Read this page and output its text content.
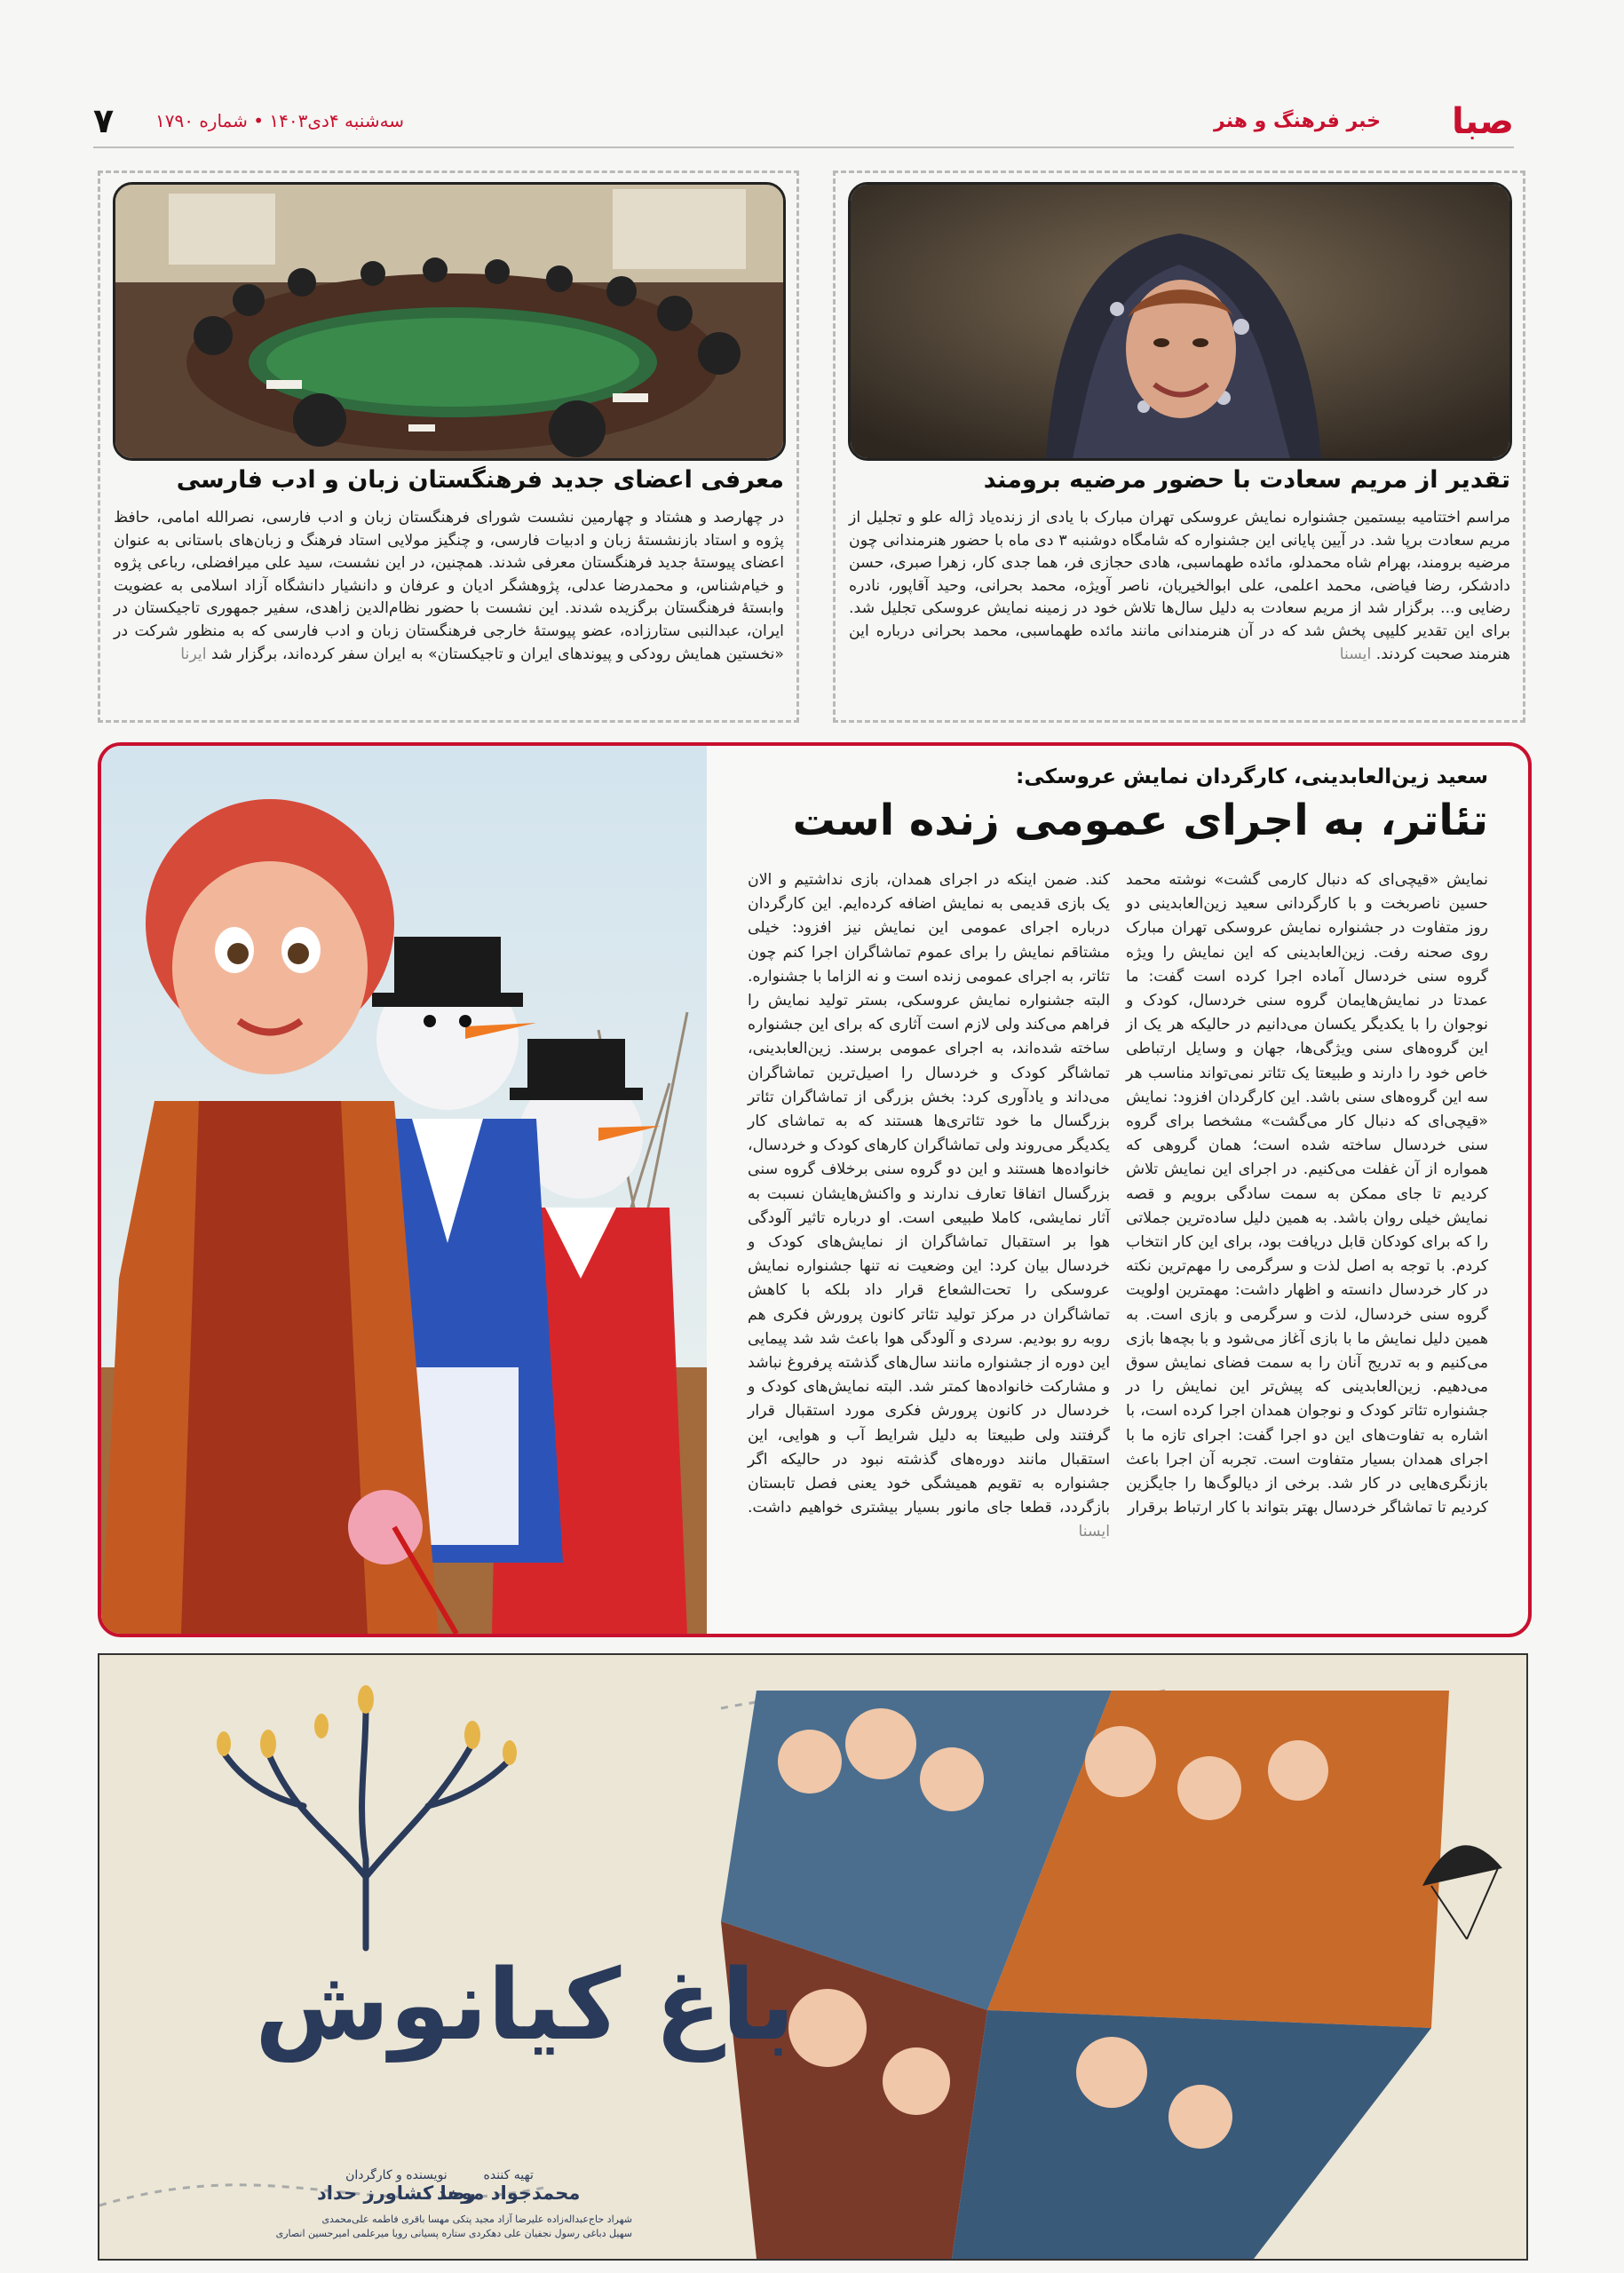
صبا
خبر فرهنگ و هنر
سه‌شنبه ۴دی۱۴۰۳ • شماره ۱۷۹۰
۷
تقدیر از مریم سعادت با حضور مرضیه برومند
مراسم اختتامیه بیستمین جشنواره نمایش عروسکی تهران مبارک با یادی از زنده‌یاد ژاله علو و تجلیل از مریم سعادت برپا شد. در آیین پایانی این جشنواره که شامگاه دوشنبه ۳ دی ماه با حضور هنرمندانی چون مرضیه برومند، بهرام شاه محمدلو، مائده طهماسبی، هادی حجازی فر، هما جدی کار، زهرا صبری، حسن دادشکر، رضا فیاضی، محمد اعلمی، علی ابوالخیریان، ناصر آویژه، محمد بحرانی، وحید آقاپور، نادره رضایی و... برگزار شد از مریم سعادت به دلیل سال‌ها تلاش خود در زمینه نمایش عروسکی تجلیل شد. برای این تقدیر کلیپی پخش شد که در آن هنرمندانی مانند مائده طهماسبی، محمد بحرانی درباره این هنرمند صحبت کردند. ایسنا
معرفی اعضای جدید فرهنگستان زبان و ادب فارسی
در چهارصد و هشتاد و چهارمین نشست شورای فرهنگستان زبان و ادب فارسی، نصرالله امامی، حافظ پژوه و استاد بازنشستهٔ زبان و ادبیات فارسی، و چنگیز مولایی استاد فرهنگ و زبان‌های باستانی به عنوان اعضای پیوستهٔ جدید فرهنگستان معرفی شدند. همچنین، در این نشست، سید علی میرافضلی، رباعی پژوه و خیام‌شناس، و محمدرضا عدلی، پژوهشگر ادیان و عرفان و دانشیار دانشگاه آزاد اسلامی به عضویت وابستهٔ فرهنگستان برگزیده شدند. این نشست با حضور نظام‌الدین زاهدی، سفیر جمهوری تاجیکستان در ایران، عبدالنبی ستارزاده، عضو پیوستهٔ خارجی فرهنگستان زبان و ادب فارسی که به منظور شرکت در «نخستین همایش رودکی و پیوندهای ایران و تاجیکستان» به ایران سفر کرده‌اند، برگزار شد ایرنا
سعید زین‌العابدینی، کارگردان نمایش عروسکی:
تئاتر، به اجرای عمومی زنده است
نمایش «قیچی‌ای که دنبال کارمی گشت» نوشته محمد حسین ناصربخت و با کارگردانی سعید زین‌العابدینی دو روز متفاوت در جشنواره نمایش عروسکی تهران مبارک روی صحنه رفت. زین‌العابدینی که این نمایش را ویژه گروه سنی خردسال آماده اجرا کرده است گفت: ما عمدتا در نمایش‌هایمان گروه سنی خردسال، کودک و نوجوان را با یکدیگر یکسان می‌دانیم در حالیکه هر یک از این گروه‌های سنی ویژگی‌ها، جهان و وسایل ارتباطی خاص خود را دارند و طبیعتا یک تئاتر نمی‌تواند مناسب هر سه این گروه‌های سنی باشد. این کارگردان افزود: نمایش «قیچی‌ای که دنبال کار می‌گشت» مشخصا برای گروه سنی خردسال ساخته شده است؛ همان گروهی که همواره از آن غفلت می‌کنیم. در اجرای این نمایش تلاش کردیم تا جای ممکن به سمت سادگی برویم و قصه نمایش خیلی روان باشد. به همین دلیل ساده‌ترین جملاتی را که برای کودکان قابل دریافت بود، برای این کار انتخاب کردم. با توجه به اصل لذت و سرگرمی را مهم‌ترین نکته در کار خردسال دانسته و اظهار داشت: مهمترین اولویت گروه سنی خردسال، لذت و سرگرمی و بازی است. به همین دلیل نمایش ما با بازی آغاز می‌شود و با بچه‌ها بازی می‌کنیم و به تدریج آنان را به سمت فضای نمایش سوق می‌دهیم. زین‌العابدینی که پیش‌تر این نمایش را در جشنواره تئاتر کودک و نوجوان همدان اجرا کرده است، با اشاره به تفاوت‌های این دو اجرا گفت: اجرای تازه ما با اجرای همدان بسیار متفاوت است. تجربه آن اجرا باعث بازنگری‌هایی در کار شد. برخی از دیالوگ‌ها را جایگزین کردیم تا تماشاگر خردسال بهتر بتواند با کار ارتباط برقرار
کند. ضمن اینکه در اجرای همدان، بازی نداشتیم و الان یک بازی قدیمی به نمایش اضافه کرده‌ایم. این کارگردان درباره اجرای عمومی این نمایش نیز افزود: خیلی مشتاقم نمایش را برای عموم تماشاگران اجرا کنم چون تئاتر، به اجرای عمومی زنده است و نه الزاما با جشنواره. البته جشنواره نمایش عروسکی، بستر تولید نمایش را فراهم می‌کند ولی لازم است آثاری که برای این جشنواره ساخته شده‌اند، به اجرای عمومی برسند. زین‌العابدینی، تماشاگر کودک و خردسال را اصیل‌ترین تماشاگران می‌داند و یادآوری کرد: بخش بزرگی از تماشاگران تئاتر بزرگسال ما خود تئاتری‌ها هستند که به تماشای کار یکدیگر می‌روند ولی تماشاگران کارهای کودک و خردسال، خانواده‌ها هستند و این دو گروه سنی برخلاف گروه سنی بزرگسال اتفاقا تعارف ندارند و واکنش‌هایشان نسبت به آثار نمایشی، کاملا طبیعی است. او درباره تاثیر آلودگی هوا بر استقبال تماشاگران از نمایش‌های کودک و خردسال بیان کرد: این وضعیت نه تنها جشنواره نمایش عروسکی را تحت‌الشعاع قرار داد بلکه با کاهش تماشاگران در مرکز تولید تئاتر کانون پرورش فکری هم روبه رو بودیم. سردی و آلودگی هوا باعث شد شد پیمایی این دوره از جشنواره مانند سال‌های گذشته پرفروغ نباشد و مشارکت خانواده‌ها کمتر شد. البته نمایش‌های کودک و خردسال در کانون پرورش فکری مورد استقبال قرار گرفتند ولی طبیعتا به دلیل شرایط آب و هوایی، این استقبال مانند دوره‌های گذشته نبود در حالیکه اگر جشنواره به تقویم همیشگی خود یعنی فصل تابستان بازگردد، قطعا جای مانور بسیار بیشتری خواهیم داشت. ایسنا
باغ کیانوش
تهیه کننده
محمدجواد موحد
نویسنده و کارگردان
رضا کشاورز حداد
شهراد حاج‌عبداله‌زاده علیرضا آزاد مجید پتکی مهسا باقری فاطمه علی‌محمدی
سهیل دباغی رسول نجفیان علی دهکردی ستاره پسیانی رویا میرعلمی امیرحسین انصاری
